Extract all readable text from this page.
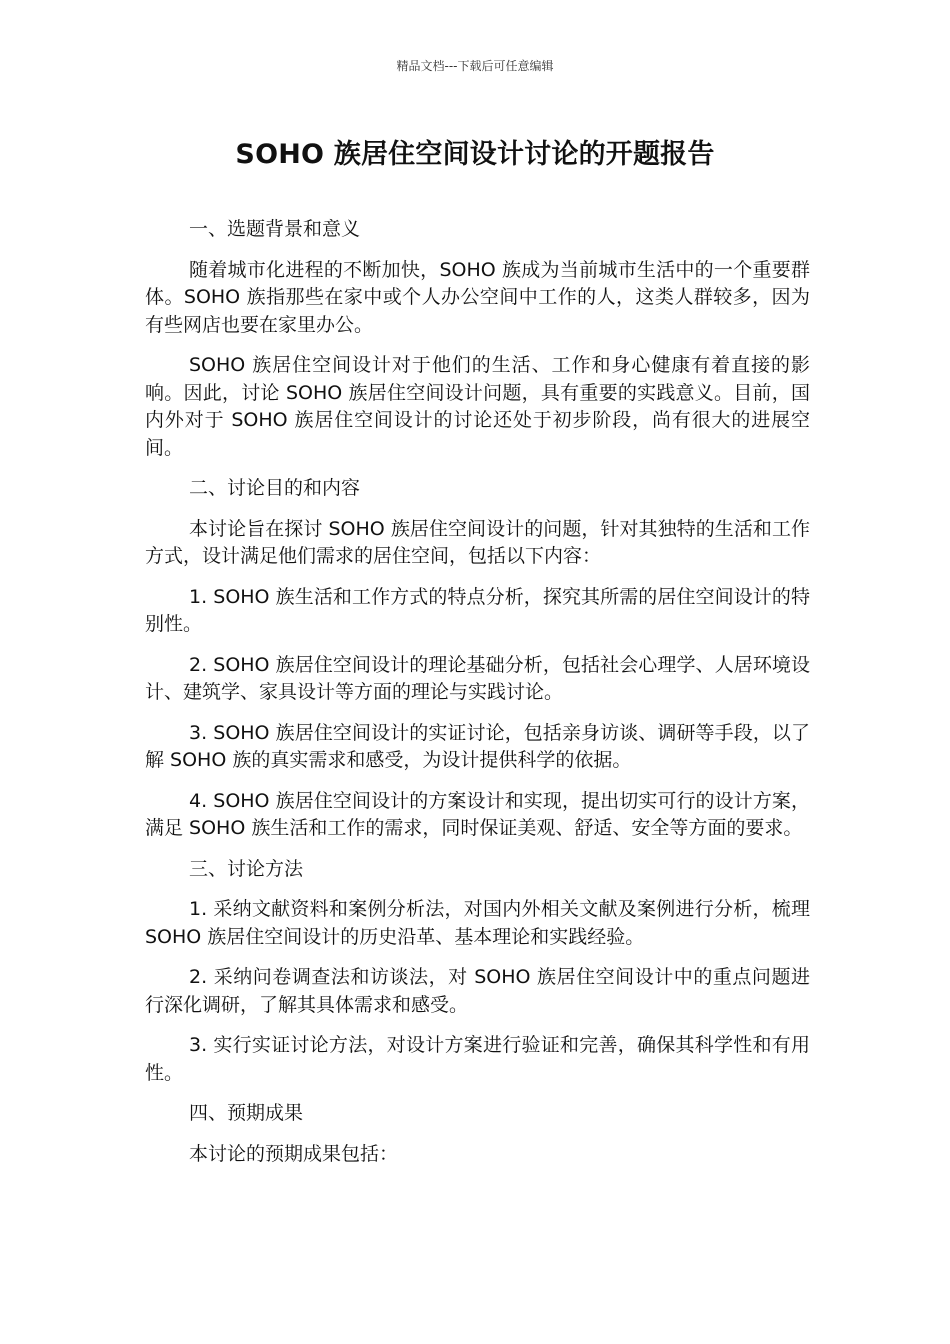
精品文档---下载后可任意编辑
SOHO 族居住空间设计讨论的开题报告

一、选题背景和意义

随着城市化进程的不断加快，SOHO 族成为当前城市生活中的一个重要群体。SOHO 族指那些在家中或个人办公空间中工作的人，这类人群较多，因为有些网店也要在家里办公。

SOHO 族居住空间设计对于他们的生活、工作和身心健康有着直接的影响。因此，讨论 SOHO 族居住空间设计问题，具有重要的实践意义。目前，国内外对于 SOHO 族居住空间设计的讨论还处于初步阶段，尚有很大的进展空间。

二、讨论目的和内容

本讨论旨在探讨 SOHO 族居住空间设计的问题，针对其独特的生活和工作方式，设计满足他们需求的居住空间，包括以下内容：

1. SOHO 族生活和工作方式的特点分析，探究其所需的居住空间设计的特别性。

2. SOHO 族居住空间设计的理论基础分析，包括社会心理学、人居环境设计、建筑学、家具设计等方面的理论与实践讨论。

3. SOHO 族居住空间设计的实证讨论，包括亲身访谈、调研等手段，以了解 SOHO 族的真实需求和感受，为设计提供科学的依据。

4. SOHO 族居住空间设计的方案设计和实现，提出切实可行的设计方案，满足 SOHO 族生活和工作的需求，同时保证美观、舒适、安全等方面的要求。

三、讨论方法

1. 采纳文献资料和案例分析法，对国内外相关文献及案例进行分析，梳理 SOHO 族居住空间设计的历史沿革、基本理论和实践经验。

2. 采纳问卷调查法和访谈法，对 SOHO 族居住空间设计中的重点问题进行深化调研，了解其具体需求和感受。

3. 实行实证讨论方法，对设计方案进行验证和完善，确保其科学性和有用性。

四、预期成果

本讨论的预期成果包括：
